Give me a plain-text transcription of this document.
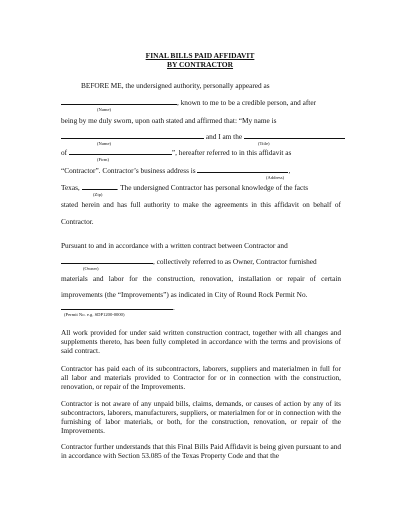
FINAL BILLS PAID AFFIDAVIT
BY CONTRACTOR
BEFORE ME, the undersigned authority, personally appeared as
, known to me to be a credible person, and after
(Name)
being by me duly sworn, upon oath stated and affirmed that: “My name is
and I am the
(Name)	(Title)
of	”, hereafter referred to in this affidavit as
(Firm)
“Contractor”. Contractor’s business address is	,
(Address)
Texas,	. The undersigned Contractor has personal knowledge of the facts
(Zip)
stated herein and has full authority to make the agreements in this affidavit on behalf of
Contractor.
Pursuant to and in accordance with a written contract between Contractor and
, collectively referred to as Owner, Contractor furnished
(Owner)
materials and labor for the construction, renovation, installation or repair of certain
improvements (the “Improvements”) as indicated in City of Round Rock Permit No.
.
(Permit No. e.g. SDP1200-0000)
All work provided for under said written construction contract, together with all changes and supplements thereto, has been fully completed in accordance with the terms and provisions of said contract.
Contractor has paid each of its subcontractors, laborers, suppliers and materialmen in full for all labor and materials provided to Contractor for or in connection with the construction, renovation, or repair of the Improvements.
Contractor is not aware of any unpaid bills, claims, demands, or causes of action by any of its subcontractors, laborers, manufacturers, suppliers, or materialmen for or in connection with the furnishing of labor materials, or both, for the construction, renovation, or repair of the Improvements.
Contractor further understands that this Final Bills Paid Affidavit is being given pursuant to and in accordance with Section 53.085 of the Texas Property Code and that the
